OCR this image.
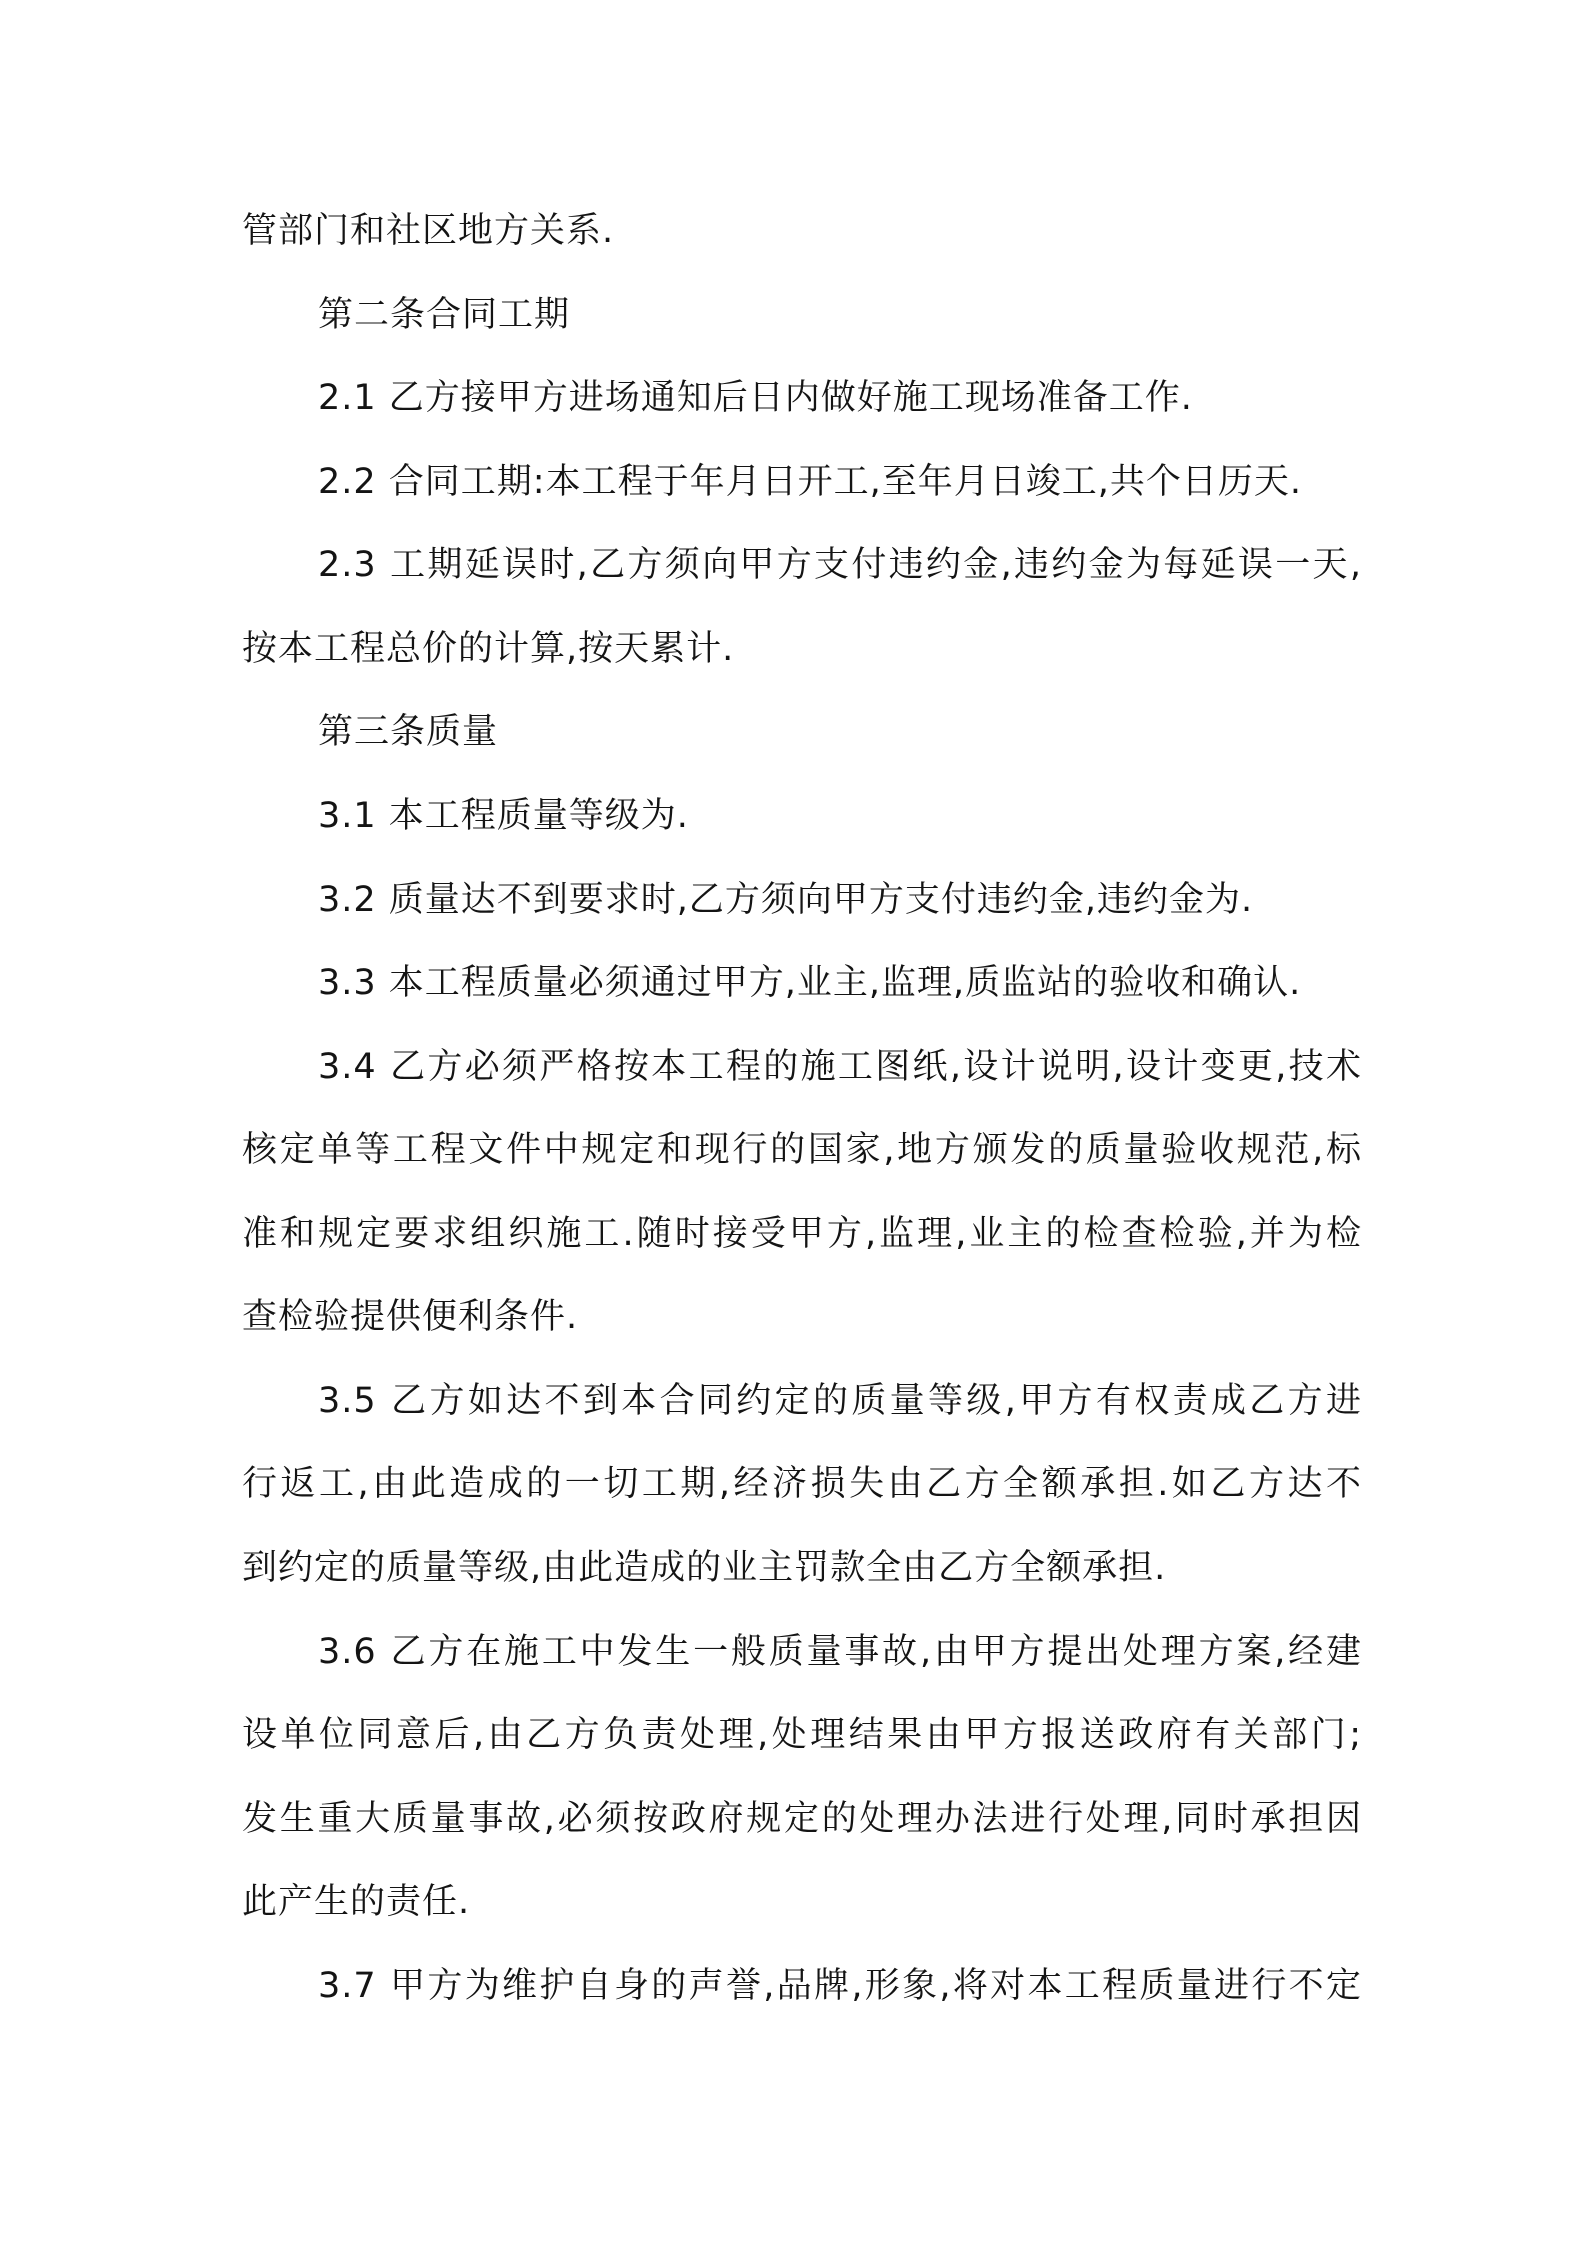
管部门和社区地方关系.
第二条合同工期
2.1 乙方接甲方进场通知后日内做好施工现场准备工作.
2.2 合同工期:本工程于年月日开工,至年月日竣工,共个日历天.
2.3 工期延误时,乙方须向甲方支付违约金,违约金为每延误一天,
按本工程总价的计算,按天累计.
第三条质量
3.1 本工程质量等级为.
3.2 质量达不到要求时,乙方须向甲方支付违约金,违约金为.
3.3 本工程质量必须通过甲方,业主,监理,质监站的验收和确认.
3.4 乙方必须严格按本工程的施工图纸,设计说明,设计变更,技术
核定单等工程文件中规定和现行的国家,地方颁发的质量验收规范,标
准和规定要求组织施工.随时接受甲方,监理,业主的检查检验,并为检
查检验提供便利条件.
3.5 乙方如达不到本合同约定的质量等级,甲方有权责成乙方进
行返工,由此造成的一切工期,经济损失由乙方全额承担.如乙方达不
到约定的质量等级,由此造成的业主罚款全由乙方全额承担.
3.6 乙方在施工中发生一般质量事故,由甲方提出处理方案,经建
设单位同意后,由乙方负责处理,处理结果由甲方报送政府有关部门;
发生重大质量事故,必须按政府规定的处理办法进行处理,同时承担因
此产生的责任.
3.7 甲方为维护自身的声誉,品牌,形象,将对本工程质量进行不定
